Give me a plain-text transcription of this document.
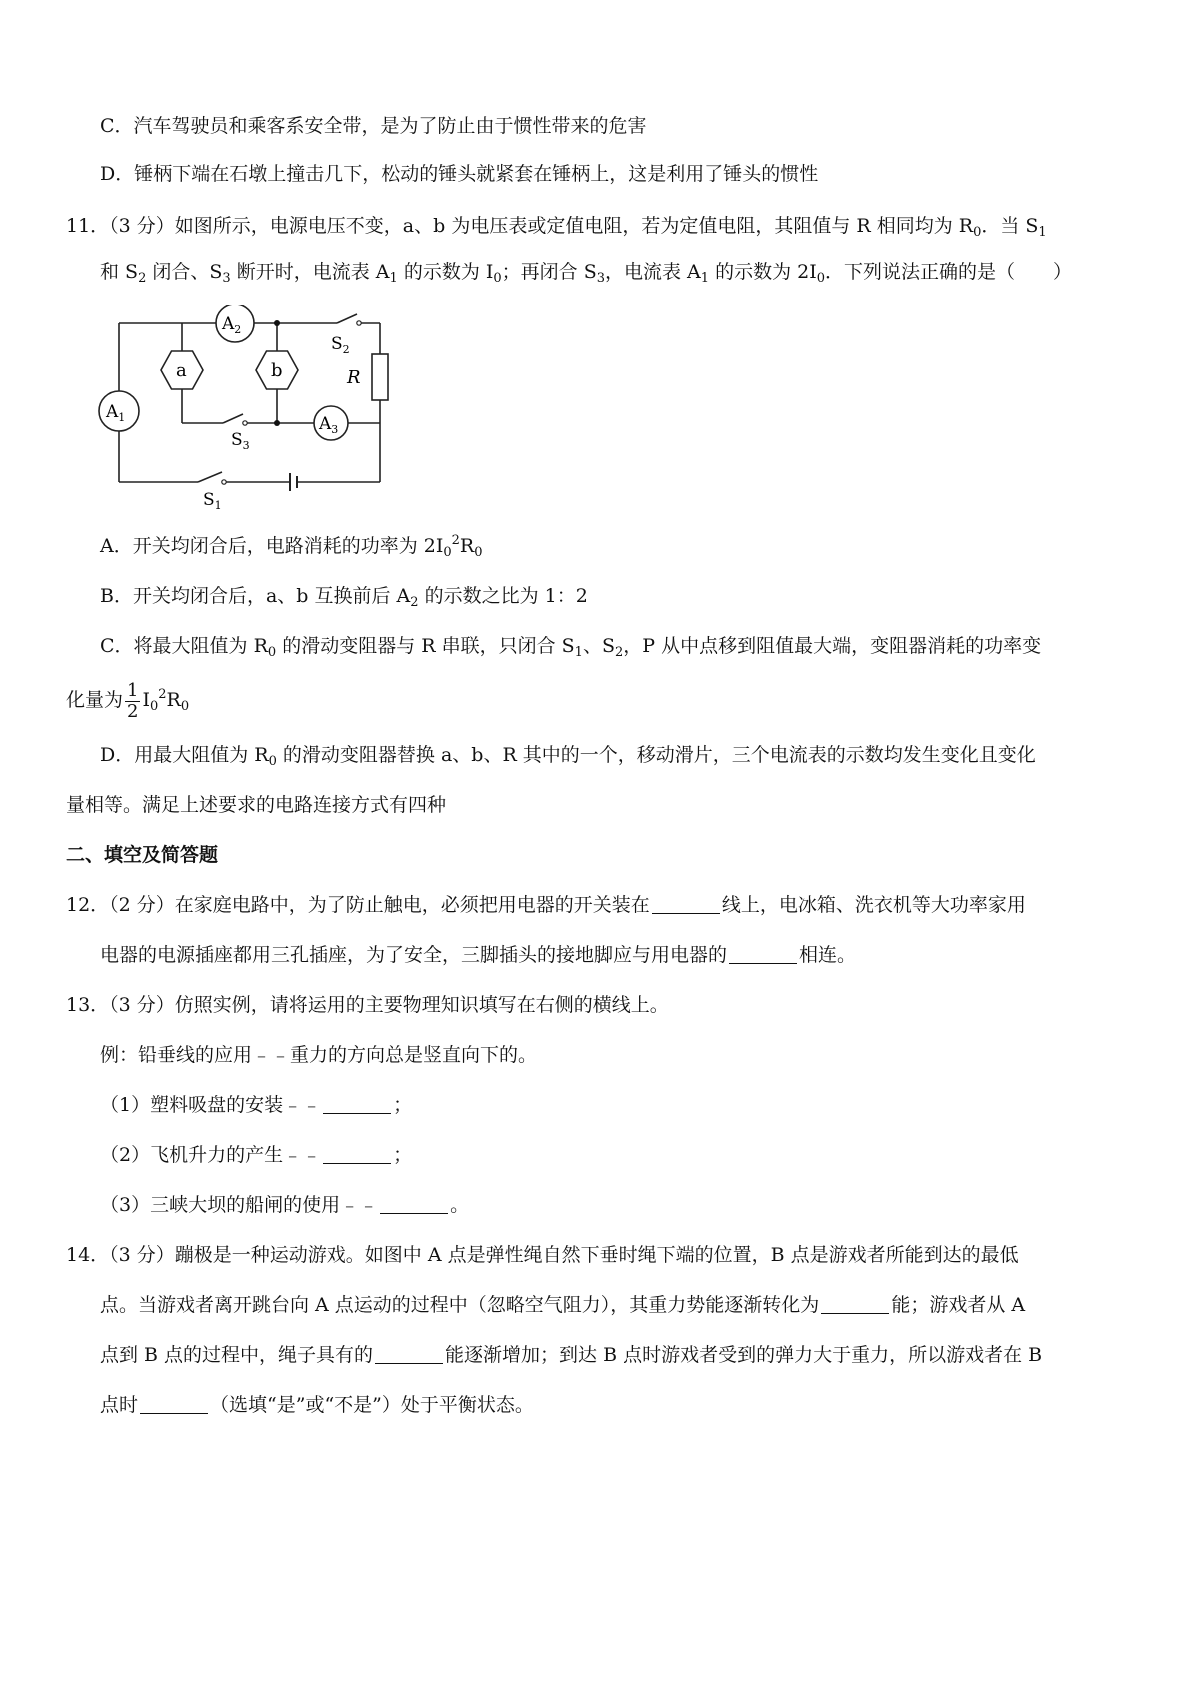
C．汽车驾驶员和乘客系安全带，是为了防止由于惯性带来的危害
D．锤柄下端在石墩上撞击几下，松动的锤头就紧套在锤柄上，这是利用了锤头的惯性
11．（3 分）如图所示，电源电压不变，a、b 为电压表或定值电阻，若为定值电阻，其阻值与 R 相同均为 $R_0$．当 $S_1$
和 $S_2$ 闭合、$S_3$ 断开时，电流表 $A_1$ 的示数为 $I_0$；再闭合 $S_3$，电流表 $A_1$ 的示数为 $2I_0$．下列说法正确的是（　　）
R
a	b
$A_1$
$A_2$
$A_3$
$S_2$
$S_3$
$S_1$
A．开关均闭合后，电路消耗的功率为 $2I_0^2R_0$
B．开关均闭合后，a、b 互换前后 $A_2$ 的示数之比为 1：2
C．将最大阻值为 $R_0$ 的滑动变阻器与 R 串联，只闭合 $S_1$、$S_2$，P 从中点移到阻值最大端，变阻器消耗的功率变
化量为 $\frac{1}{2} I_0^2R_0$
D．用最大阻值为 $R_0$ 的滑动变阻器替换 a、b、R 其中的一个，移动滑片，三个电流表的示数均发生变化且变化
量相等。满足上述要求的电路连接方式有四种
二、填空及简答题
12．（2 分）在家庭电路中，为了防止触电，必须把用电器的开关装在	线上，电冰箱、洗衣机等大功率家用
电器的电源插座都用三孔插座，为了安全，三脚插头的接地脚应与用电器的	相连。
13．（3 分）仿照实例，请将运用的主要物理知识填写在右侧的横线上。
例：铅垂线的应用﹣﹣重力的方向总是竖直向下的。
（1）塑料吸盘的安装﹣﹣	；
（2）飞机升力的产生﹣﹣	；
（3）三峡大坝的船闸的使用﹣﹣	。
14．（3 分）蹦极是一种运动游戏。如图中 A 点是弹性绳自然下垂时绳下端的位置，B 点是游戏者所能到达的最低
点。当游戏者离开跳台向 A 点运动的过程中（忽略空气阻力），其重力势能逐渐转化为	能；游戏者从 A
点到 B 点的过程中，绳子具有的	能逐渐增加；到达 B 点时游戏者受到的弹力大于重力，所以游戏者在 B
点时	（选填“是”或“不是”）处于平衡状态。
